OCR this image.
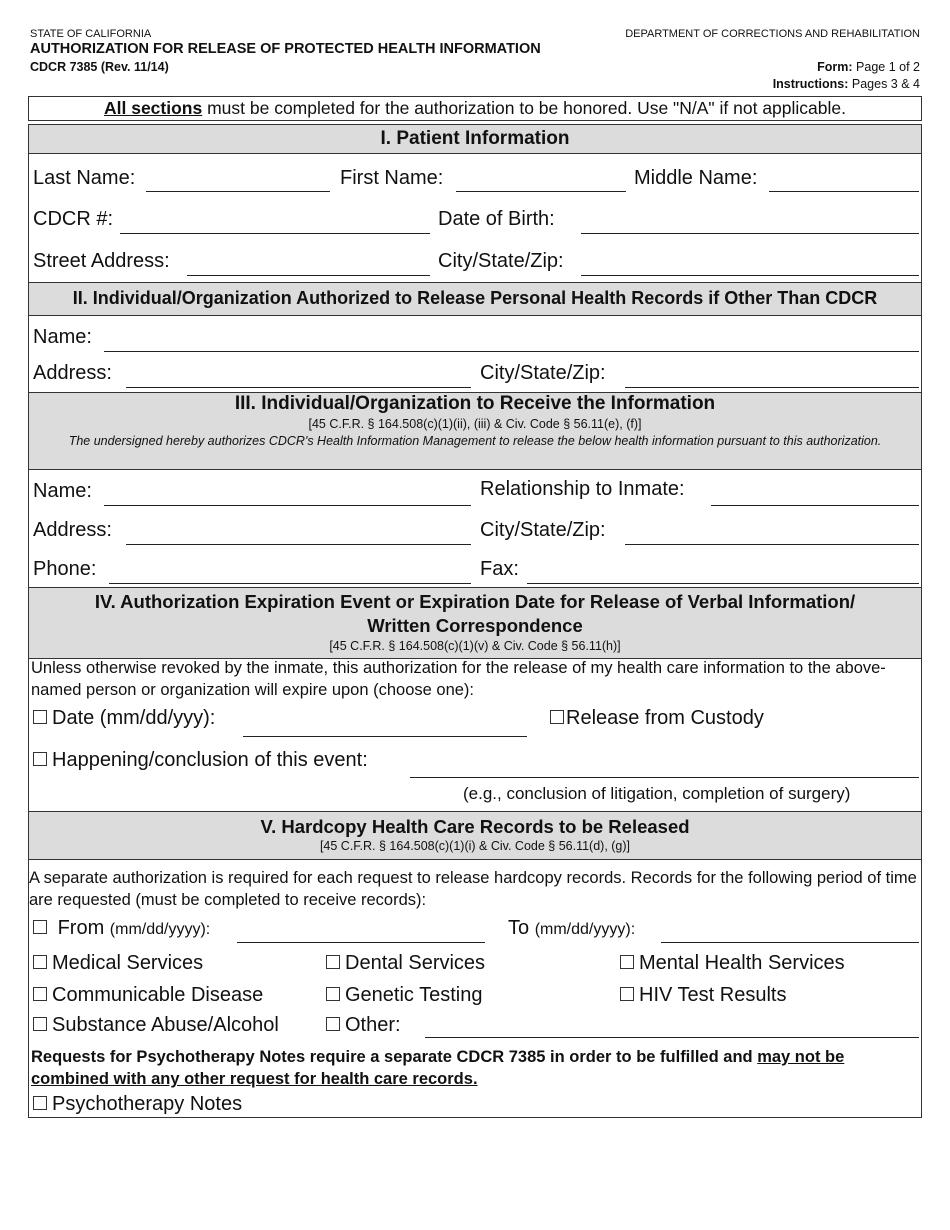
STATE OF CALIFORNIA
AUTHORIZATION FOR RELEASE OF PROTECTED HEALTH INFORMATION
CDCR 7385 (Rev. 11/14)
DEPARTMENT OF CORRECTIONS AND REHABILITATION
Form: Page 1 of 2
Instructions: Pages 3 & 4
All sections must be completed for the authorization to be honored. Use "N/A" if not applicable.
I. Patient Information
Last Name:	First Name:	Middle Name:
CDCR #:	Date of Birth:
Street Address:	City/State/Zip:
II. Individual/Organization Authorized to Release Personal Health Records if Other Than CDCR
Name:
Address:	City/State/Zip:
III. Individual/Organization to Receive the Information
[45 C.F.R. § 164.508(c)(1)(ii), (iii) & Civ. Code § 56.11(e), (f)]
The undersigned hereby authorizes CDCR's Health Information Management to release the below health information pursuant to this authorization.
Name:	Relationship to Inmate:
Address:	City/State/Zip:
Phone:	Fax:
IV. Authorization Expiration Event or Expiration Date for Release of Verbal Information/
Written Correspondence
[45 C.F.R. § 164.508(c)(1)(v) & Civ. Code § 56.11(h)]
Unless otherwise revoked by the inmate, this authorization for the release of my health care information to the above-named person or organization will expire upon (choose one):
Date (mm/dd/yyy):	Release from Custody
Happening/conclusion of this event:
(e.g., conclusion of litigation, completion of surgery)
V. Hardcopy Health Care Records to be Released
[45 C.F.R. § 164.508(c)(1)(i) & Civ. Code § 56.11(d), (g)]
A separate authorization is required for each request to release hardcopy records. Records for the following period of time are requested (must be completed to receive records):
From (mm/dd/yyyy):	To (mm/dd/yyyy):
Medical Services	Dental Services	Mental Health Services
Communicable Disease	Genetic Testing	HIV Test Results
Substance Abuse/Alcohol	Other:
Requests for Psychotherapy Notes require a separate CDCR 7385 in order to be fulfilled and may not be combined with any other request for health care records.
Psychotherapy Notes
